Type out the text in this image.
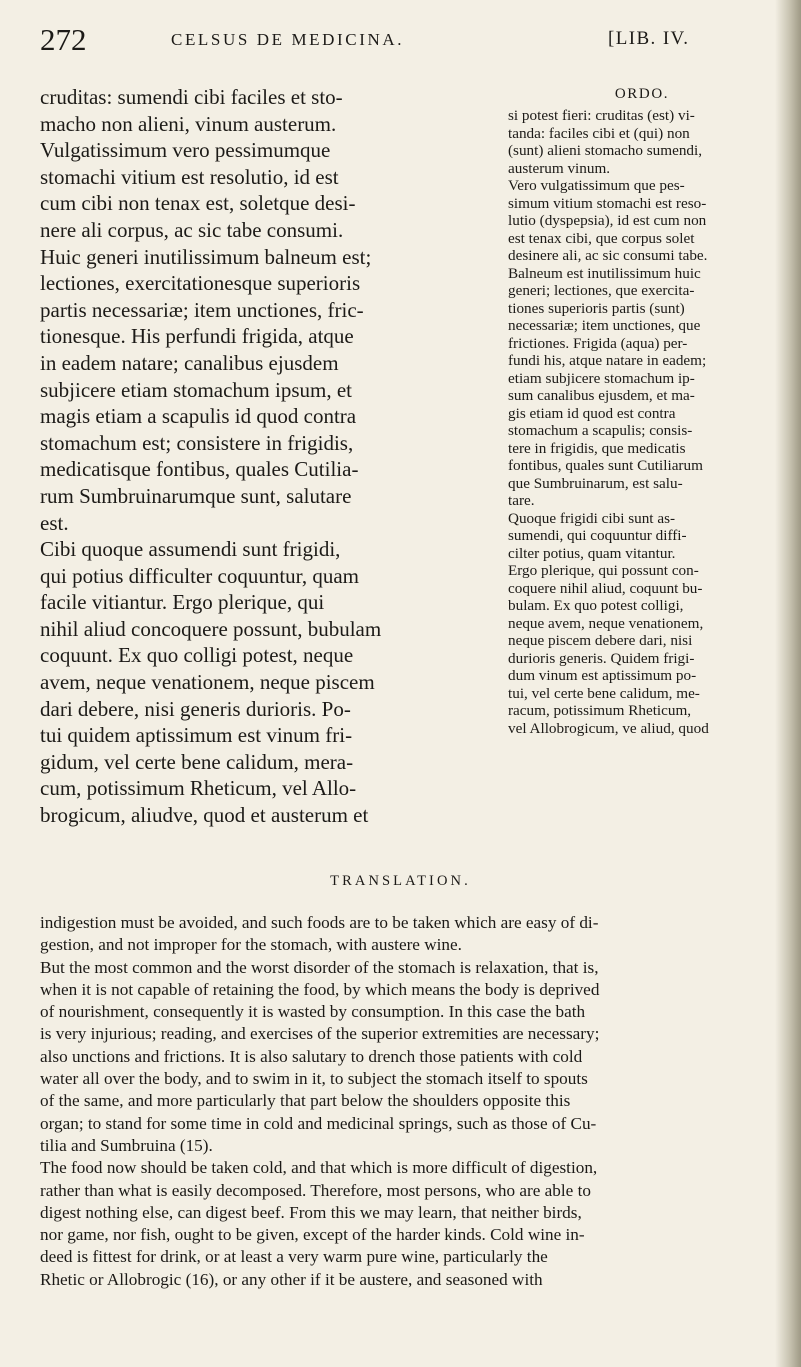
272	CELSUS DE MEDICINA.	[LIB. IV.
cruditas: sumendi cibi faciles et sto-
macho non alieni, vinum austerum.
Vulgatissimum vero pessimumque
stomachi vitium est resolutio, id est
cum cibi non tenax est, soletque desi-
nere ali corpus, ac sic tabe consumi.
Huic generi inutilissimum balneum est;
lectiones, exercitationesque superioris
partis necessariæ; item unctiones, fric-
tionesque. His perfundi frigida, atque
in eadem natare; canalibus ejusdem
subjicere etiam stomachum ipsum, et
magis etiam a scapulis id quod contra
stomachum est; consistere in frigidis,
medicatisque fontibus, quales Cutilia-
rum Sumbruinarumque sunt, salutare
est.
Cibi quoque assumendi sunt frigidi,
qui potius difficulter coquuntur, quam
facile vitiantur. Ergo plerique, qui
nihil aliud concoquere possunt, bubulam
coquunt. Ex quo colligi potest, neque
avem, neque venationem, neque piscem
dari debere, nisi generis durioris. Po-
tui quidem aptissimum est vinum fri-
gidum, vel certe bene calidum, mera-
cum, potissimum Rheticum, vel Allo-
brogicum, aliudve, quod et austerum et
ORDO.
si potest fieri: cruditas (est) vi-
tanda: faciles cibi et (qui) non
(sunt) alieni stomacho sumendi,
austerum vinum.
Vero vulgatissimum que pes-
simum vitium stomachi est reso-
lutio (dyspepsia), id est cum non
est tenax cibi, que corpus solet
desinere ali, ac sic consumi tabe.
Balneum est inutilissimum huic
generi; lectiones, que exercita-
tiones superioris partis (sunt)
necessariæ; item unctiones, que
frictiones. Frigida (aqua) per-
fundi his, atque natare in eadem;
etiam subjicere stomachum ip-
sum canalibus ejusdem, et ma-
gis etiam id quod est contra
stomachum a scapulis; consis-
tere in frigidis, que medicatis
fontibus, quales sunt Cutiliarum
que Sumbruinarum, est salu-
tare.
Quoque frigidi cibi sunt as-
sumendi, qui coquuntur diffi-
cilter potius, quam vitantur.
Ergo plerique, qui possunt con-
coquere nihil aliud, coquunt bu-
bulam. Ex quo potest colligi,
neque avem, neque venationem,
neque piscem debere dari, nisi
durioris generis. Quidem frigi-
dum vinum est aptissimum po-
tui, vel certe bene calidum, me-
racum, potissimum Rheticum,
vel Allobrogicum, ve aliud, quod
TRANSLATION.
indigestion must be avoided, and such foods are to be taken which are easy of di-
gestion, and not improper for the stomach, with austere wine.
But the most common and the worst disorder of the stomach is relaxation, that is,
when it is not capable of retaining the food, by which means the body is deprived
of nourishment, consequently it is wasted by consumption. In this case the bath
is very injurious; reading, and exercises of the superior extremities are necessary;
also unctions and frictions. It is also salutary to drench those patients with cold
water all over the body, and to swim in it, to subject the stomach itself to spouts
of the same, and more particularly that part below the shoulders opposite this
organ; to stand for some time in cold and medicinal springs, such as those of Cu-
tilia and Sumbruina (15).
The food now should be taken cold, and that which is more difficult of digestion,
rather than what is easily decomposed. Therefore, most persons, who are able to
digest nothing else, can digest beef. From this we may learn, that neither birds,
nor game, nor fish, ought to be given, except of the harder kinds. Cold wine in-
deed is fittest for drink, or at least a very warm pure wine, particularly the
Rhetic or Allobrogic (16), or any other if it be austere, and seasoned with
